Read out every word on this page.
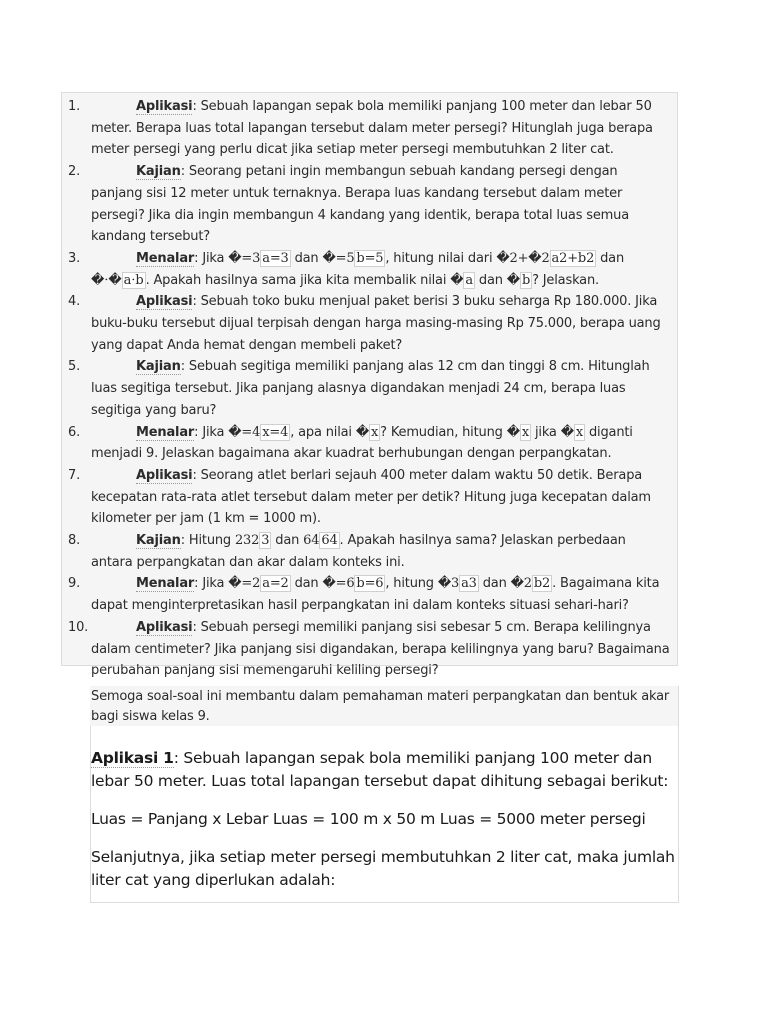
1.	Aplikasi: Sebuah lapangan sepak bola memiliki panjang 100 meter dan lebar 50 meter. Berapa luas total lapangan tersebut dalam meter persegi? Hitunglah juga berapa meter persegi yang perlu dicat jika setiap meter persegi membutuhkan 2 liter cat.
2.	Kajian: Seorang petani ingin membangun sebuah kandang persegi dengan panjang sisi 12 meter untuk ternaknya. Berapa luas kandang tersebut dalam meter persegi? Jika dia ingin membangun 4 kandang yang identik, berapa total luas semua kandang tersebut?
3.	Menalar: Jika �=3 a=3 dan �=5 b=5 , hitung nilai dari �2+�2 a2+b2 dan �⋅� a⋅b . Apakah hasilnya sama jika kita membalik nilai � a dan � b ? Jelaskan.
4.	Aplikasi: Sebuah toko buku menjual paket berisi 3 buku seharga Rp 180.000. Jika buku-buku tersebut dijual terpisah dengan harga masing-masing Rp 75.000, berapa uang yang dapat Anda hemat dengan membeli paket?
5.	Kajian: Sebuah segitiga memiliki panjang alas 12 cm dan tinggi 8 cm. Hitunglah luas segitiga tersebut. Jika panjang alasnya digandakan menjadi 24 cm, berapa luas segitiga yang baru?
6.	Menalar: Jika �=4 x=4 , apa nilai � x ? Kemudian, hitung � x jika � x diganti menjadi 9. Jelaskan bagaimana akar kuadrat berhubungan dengan perpangkatan.
7.	Aplikasi: Seorang atlet berlari sejauh 400 meter dalam waktu 50 detik. Berapa kecepatan rata-rata atlet tersebut dalam meter per detik? Hitung juga kecepatan dalam kilometer per jam (1 km = 1000 m).
8.	Kajian: Hitung 232 3 dan 64 64 . Apakah hasilnya sama? Jelaskan perbedaan antara perpangkatan dan akar dalam konteks ini.
9.	Menalar: Jika �=2 a=2 dan �=6 b=6 , hitung �3 a3 dan �2 b2 . Bagaimana kita dapat menginterpretasikan hasil perpangkatan ini dalam konteks situasi sehari-hari?
10.	Aplikasi: Sebuah persegi memiliki panjang sisi sebesar 5 cm. Berapa kelilingnya dalam centimeter? Jika panjang sisi digandakan, berapa kelilingnya yang baru? Bagaimana perubahan panjang sisi memengaruhi keliling persegi?
Semoga soal-soal ini membantu dalam pemahaman materi perpangkatan dan bentuk akar bagi siswa kelas 9.

Aplikasi 1: Sebuah lapangan sepak bola memiliki panjang 100 meter dan lebar 50 meter. Luas total lapangan tersebut dapat dihitung sebagai berikut:

Luas = Panjang x Lebar Luas = 100 m x 50 m Luas = 5000 meter persegi

Selanjutnya, jika setiap meter persegi membutuhkan 2 liter cat, maka jumlah liter cat yang diperlukan adalah:
